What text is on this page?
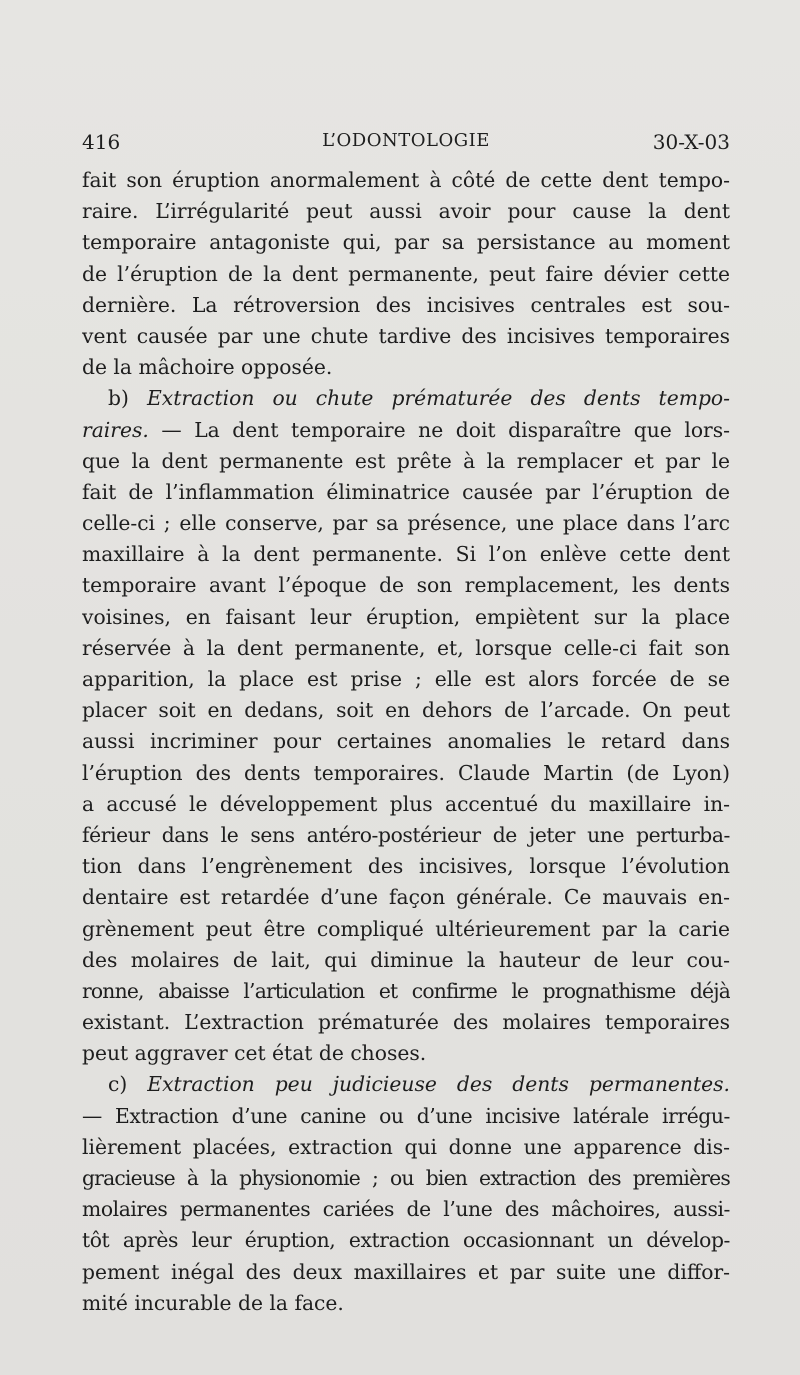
416	L’ODONTOLOGIE	30-X-03
fait son éruption anormalement à côté de cette dent tempo-
raire. L’irrégularité peut aussi avoir pour cause la dent
temporaire antagoniste qui, par sa persistance au moment
de l’éruption de la dent permanente, peut faire dévier cette
dernière. La rétroversion des incisives centrales est sou-
vent causée par une chute tardive des incisives temporaires
de la mâchoire opposée.
b) Extraction ou chute prématurée des dents tempo-
raires. — La dent temporaire ne doit disparaître que lors-
que la dent permanente est prête à la remplacer et par le
fait de l’inflammation éliminatrice causée par l’éruption de
celle-ci ; elle conserve, par sa présence, une place dans l’arc
maxillaire à la dent permanente. Si l’on enlève cette dent
temporaire avant l’époque de son remplacement, les dents
voisines, en faisant leur éruption, empiètent sur la place
réservée à la dent permanente, et, lorsque celle-ci fait son
apparition, la place est prise ; elle est alors forcée de se
placer soit en dedans, soit en dehors de l’arcade. On peut
aussi incriminer pour certaines anomalies le retard dans
l’éruption des dents temporaires. Claude Martin (de Lyon)
a accusé le développement plus accentué du maxillaire in-
férieur dans le sens antéro-postérieur de jeter une perturba-
tion dans l’engrènement des incisives, lorsque l’évolution
dentaire est retardée d’une façon générale. Ce mauvais en-
grènement peut être compliqué ultérieurement par la carie
des molaires de lait, qui diminue la hauteur de leur cou-
ronne, abaisse l’articulation et confirme le prognathisme déjà
existant. L’extraction prématurée des molaires temporaires
peut aggraver cet état de choses.
c) Extraction peu judicieuse des dents permanentes.
— Extraction d’une canine ou d’une incisive latérale irrégu-
lièrement placées, extraction qui donne une apparence dis-
gracieuse à la physionomie ; ou bien extraction des premières
molaires permanentes cariées de l’une des mâchoires, aussi-
tôt après leur éruption, extraction occasionnant un dévelop-
pement inégal des deux maxillaires et par suite une diffor-
mité incurable de la face.
